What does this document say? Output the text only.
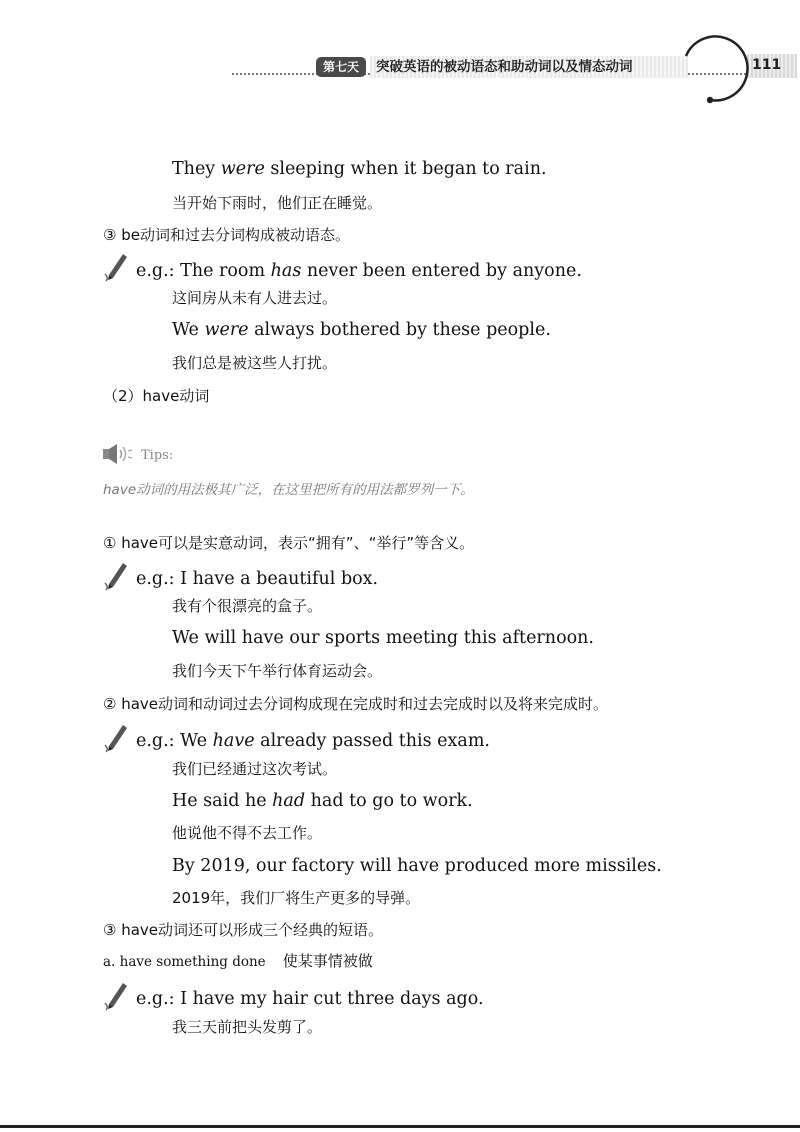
第七天	突破英语的被动语态和助动词以及情态动词	111
They were sleeping when it began to rain.
当开始下雨时，他们正在睡觉。
③ be动词和过去分词构成被动语态。
e.g.: The room has never been entered by anyone.
这间房从未有人进去过。
We were always bothered by these people.
我们总是被这些人打扰。
（2）have动词
Tips:
have动词的用法极其广泛，在这里把所有的用法都罗列一下。
① have可以是实意动词，表示“拥有”、“举行”等含义。
e.g.: I have a beautiful box.
我有个很漂亮的盒子。
We will have our sports meeting this afternoon.
我们今天下午举行体育运动会。
② have动词和动词过去分词构成现在完成时和过去完成时以及将来完成时。
e.g.: We have already passed this exam.
我们已经通过这次考试。
He said he had had to go to work.
他说他不得不去工作。
By 2019, our factory will have produced more missiles.
2019年，我们厂将生产更多的导弹。
③ have动词还可以形成三个经典的短语。
a. have something done 使某事情被做
e.g.: I have my hair cut three days ago.
我三天前把头发剪了。
